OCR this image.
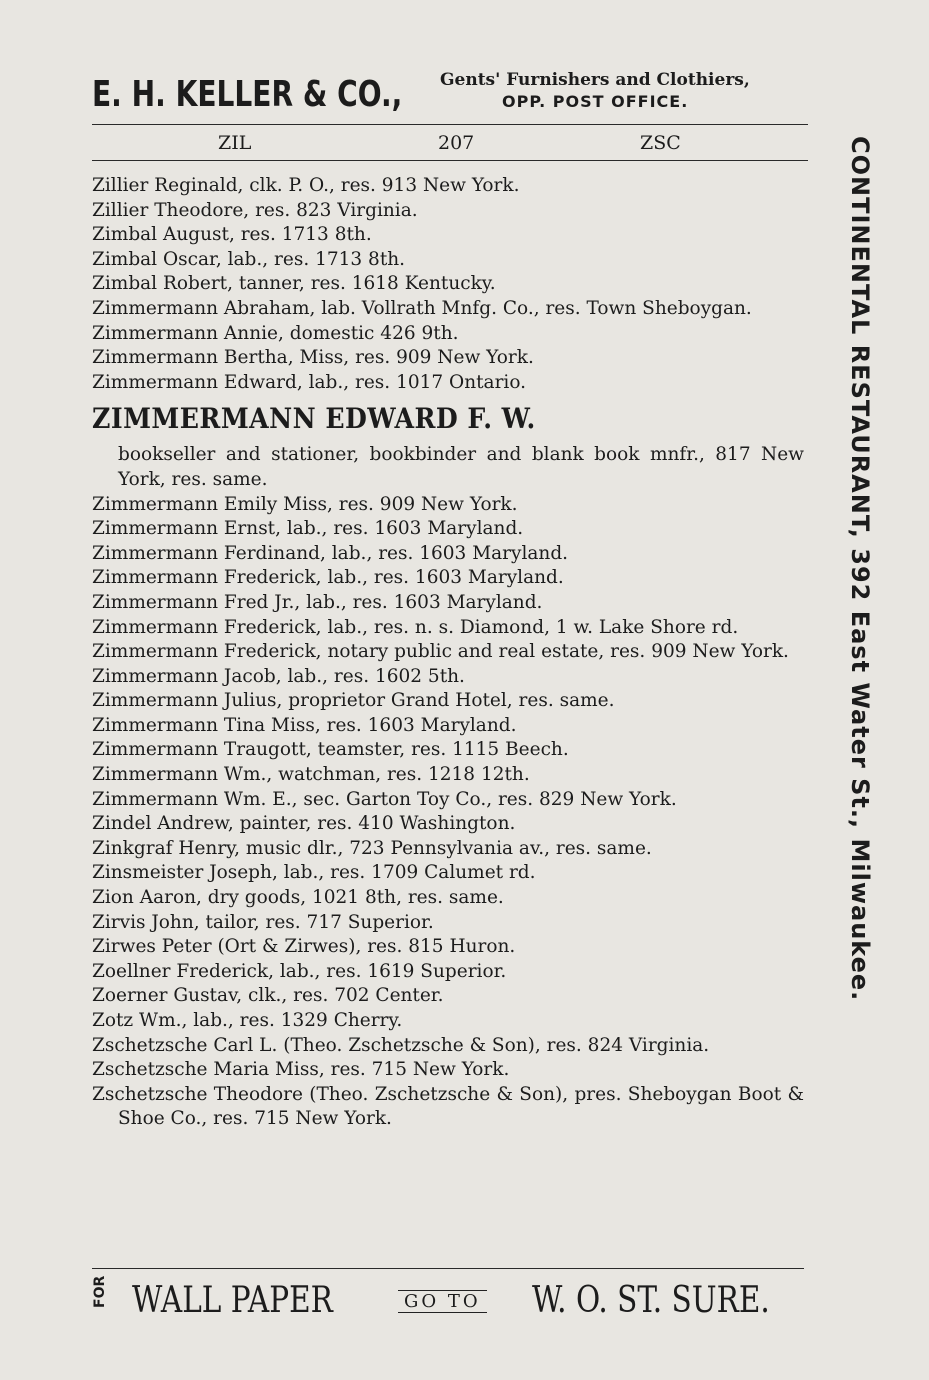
E. H. KELLER & CO., Gents' Furnishers and Clothiers,
OPP. POST OFFICE.
ZIL	207	ZSC
Zillier Reginald, clk. P. O., res. 913 New York.
Zillier Theodore, res. 823 Virginia.
Zimbal August, res. 1713 8th.
Zimbal Oscar, lab., res. 1713 8th.
Zimbal Robert, tanner, res. 1618 Kentucky.
Zimmermann Abraham, lab. Vollrath Mnfg. Co., res. Town Sheboygan.
Zimmermann Annie, domestic 426 9th.
Zimmermann Bertha, Miss, res. 909 New York.
Zimmermann Edward, lab., res. 1017 Ontario.
ZIMMERMANN EDWARD F. W.
bookseller and stationer, bookbinder and blank book mnfr., 817 New York, res. same.
Zimmermann Emily Miss, res. 909 New York.
Zimmermann Ernst, lab., res. 1603 Maryland.
Zimmermann Ferdinand, lab., res. 1603 Maryland.
Zimmermann Frederick, lab., res. 1603 Maryland.
Zimmermann Fred Jr., lab., res. 1603 Maryland.
Zimmermann Frederick, lab., res. n. s. Diamond, 1 w. Lake Shore rd.
Zimmermann Frederick, notary public and real estate, res. 909 New York.
Zimmermann Jacob, lab., res. 1602 5th.
Zimmermann Julius, proprietor Grand Hotel, res. same.
Zimmermann Tina Miss, res. 1603 Maryland.
Zimmermann Traugott, teamster, res. 1115 Beech.
Zimmermann Wm., watchman, res. 1218 12th.
Zimmermann Wm. E., sec. Garton Toy Co., res. 829 New York.
Zindel Andrew, painter, res. 410 Washington.
Zinkgraf Henry, music dlr., 723 Pennsylvania av., res. same.
Zinsmeister Joseph, lab., res. 1709 Calumet rd.
Zion Aaron, dry goods, 1021 8th, res. same.
Zirvis John, tailor, res. 717 Superior.
Zirwes Peter (Ort & Zirwes), res. 815 Huron.
Zoellner Frederick, lab., res. 1619 Superior.
Zoerner Gustav, clk., res. 702 Center.
Zotz Wm., lab., res. 1329 Cherry.
Zschetzsche Carl L. (Theo. Zschetzsche & Son), res. 824 Virginia.
Zschetzsche Maria Miss, res. 715 New York.
Zschetzsche Theodore (Theo. Zschetzsche & Son), pres. Sheboygan Boot & Shoe Co., res. 715 New York.
CONTINENTAL RESTAURANT, 392 East Water St., Milwaukee.
FOR WALL PAPER	GO TO W. O. ST. SURE.
